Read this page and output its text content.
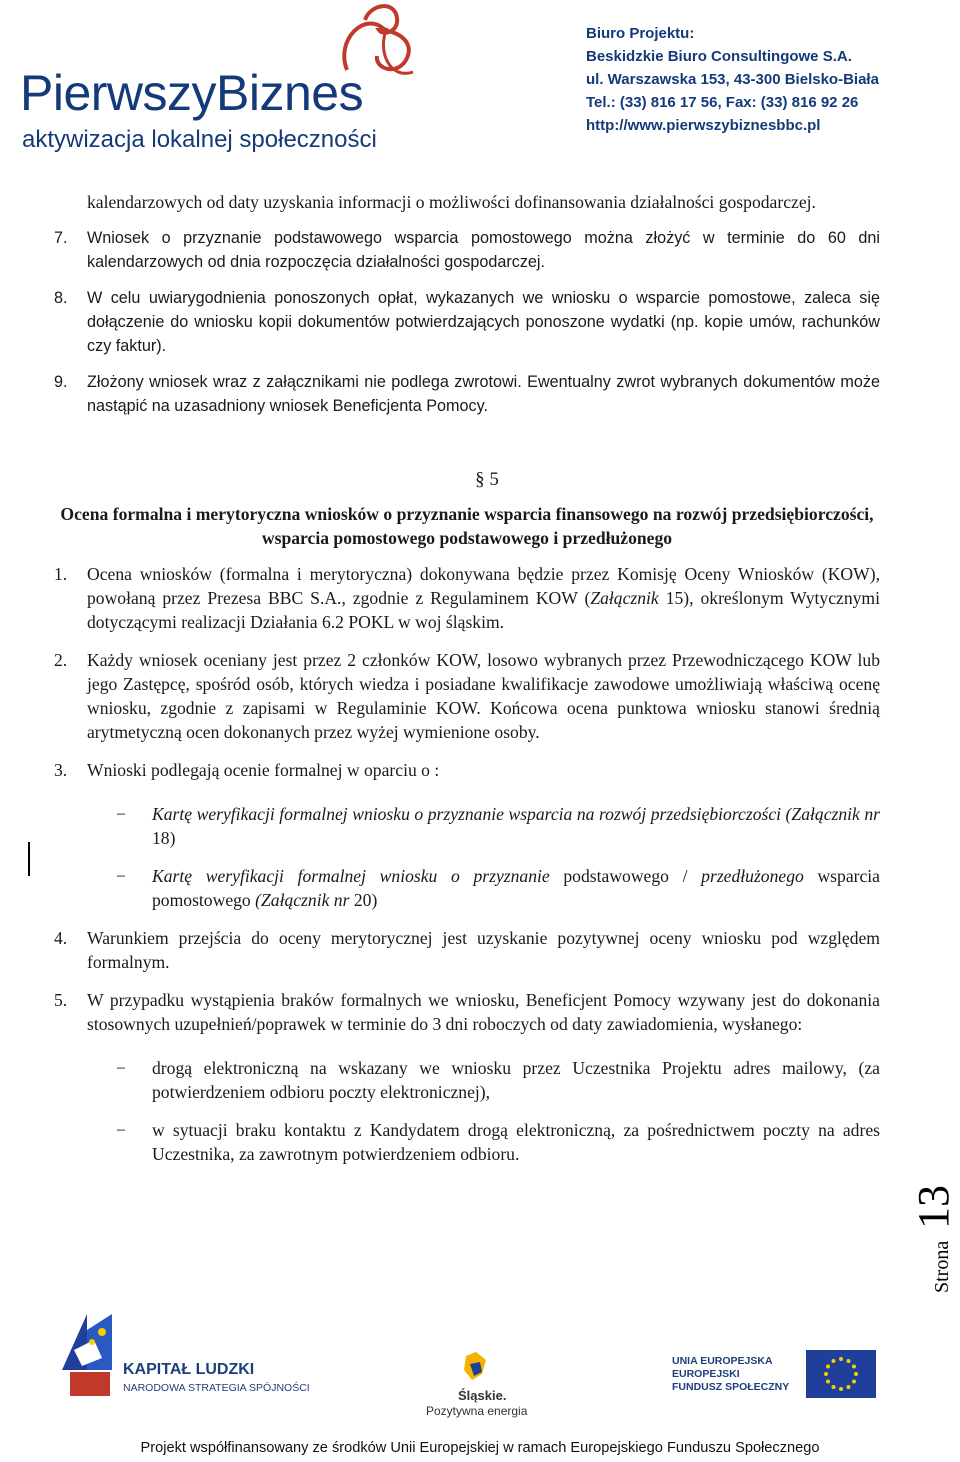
PierwszyBiznes
aktywizacja lokalnej społeczności
Biuro Projektu:
Beskidzkie Biuro Consultingowe S.A.
ul. Warszawska 153, 43-300 Bielsko-Biała
Tel.: (33) 816 17 56, Fax: (33) 816 92 26
http://www.pierwszybiznesbbc.pl
kalendarzowych od daty uzyskania informacji o możliwości dofinansowania działalności gospodarczej.
7.	Wniosek o przyznanie podstawowego wsparcia pomostowego można złożyć w terminie do 60 dni kalendarzowych od dnia rozpoczęcia działalności gospodarczej.
8.	W celu uwiarygodnienia ponoszonych opłat, wykazanych we wniosku o wsparcie pomostowe, zaleca się dołączenie do wniosku kopii dokumentów potwierdzających ponoszone wydatki (np. kopie umów, rachunków czy faktur).
9.	Złożony wniosek wraz z załącznikami nie podlega zwrotowi. Ewentualny zwrot wybranych dokumentów może nastąpić na uzasadniony wniosek Beneficjenta Pomocy.
§ 5
Ocena formalna i merytoryczna wniosków o przyznanie wsparcia finansowego na rozwój przedsiębiorczości, wsparcia pomostowego podstawowego i przedłużonego
1.	Ocena wniosków (formalna i merytoryczna) dokonywana będzie przez Komisję Oceny Wniosków (KOW), powołaną przez Prezesa BBC S.A., zgodnie z Regulaminem KOW (Załącznik 15), określonym Wytycznymi dotyczącymi realizacji Działania 6.2 POKL w woj śląskim.
2.	Każdy wniosek oceniany jest przez 2 członków KOW, losowo wybranych przez Przewodniczącego KOW lub jego Zastępcę, spośród osób, których wiedza i posiadane kwalifikacje zawodowe umożliwiają właściwą ocenę wniosku, zgodnie z zapisami w Regulaminie KOW. Końcowa ocena punktowa wniosku stanowi średnią arytmetyczną ocen dokonanych przez wyżej wymienione osoby.
3.	Wnioski podlegają ocenie formalnej w oparciu o :
−	Kartę weryfikacji formalnej wniosku o przyznanie wsparcia na rozwój przedsiębiorczości (Załącznik nr 18)
−	Kartę weryfikacji formalnej wniosku o przyznanie podstawowego / przedłużonego wsparcia pomostowego (Załącznik nr 20)
4.	Warunkiem przejścia do oceny merytorycznej jest uzyskanie pozytywnej oceny wniosku pod względem formalnym.
5.	W przypadku wystąpienia braków formalnych we wniosku, Beneficjent Pomocy wzywany jest do dokonania stosownych uzupełnień/poprawek w terminie do 3 dni roboczych od daty zawiadomienia, wysłanego:
−	drogą elektroniczną na wskazany we wniosku przez Uczestnika Projektu adres mailowy, (za potwierdzeniem odbioru poczty elektronicznej),
−	w sytuacji braku kontaktu z Kandydatem drogą elektroniczną, za pośrednictwem poczty na adres Uczestnika, za zawrotnym potwierdzeniem odbioru.
Strona
13
KAPITAŁ LUDZKI
NARODOWA STRATEGIA SPÓJNOŚCI	Śląskie.
Pozytywna energia
UNIA EUROPEJSKA
EUROPEJSKI
FUNDUSZ SPOŁECZNY
Projekt współfinansowany ze środków Unii Europejskiej w ramach Europejskiego Funduszu Społecznego
